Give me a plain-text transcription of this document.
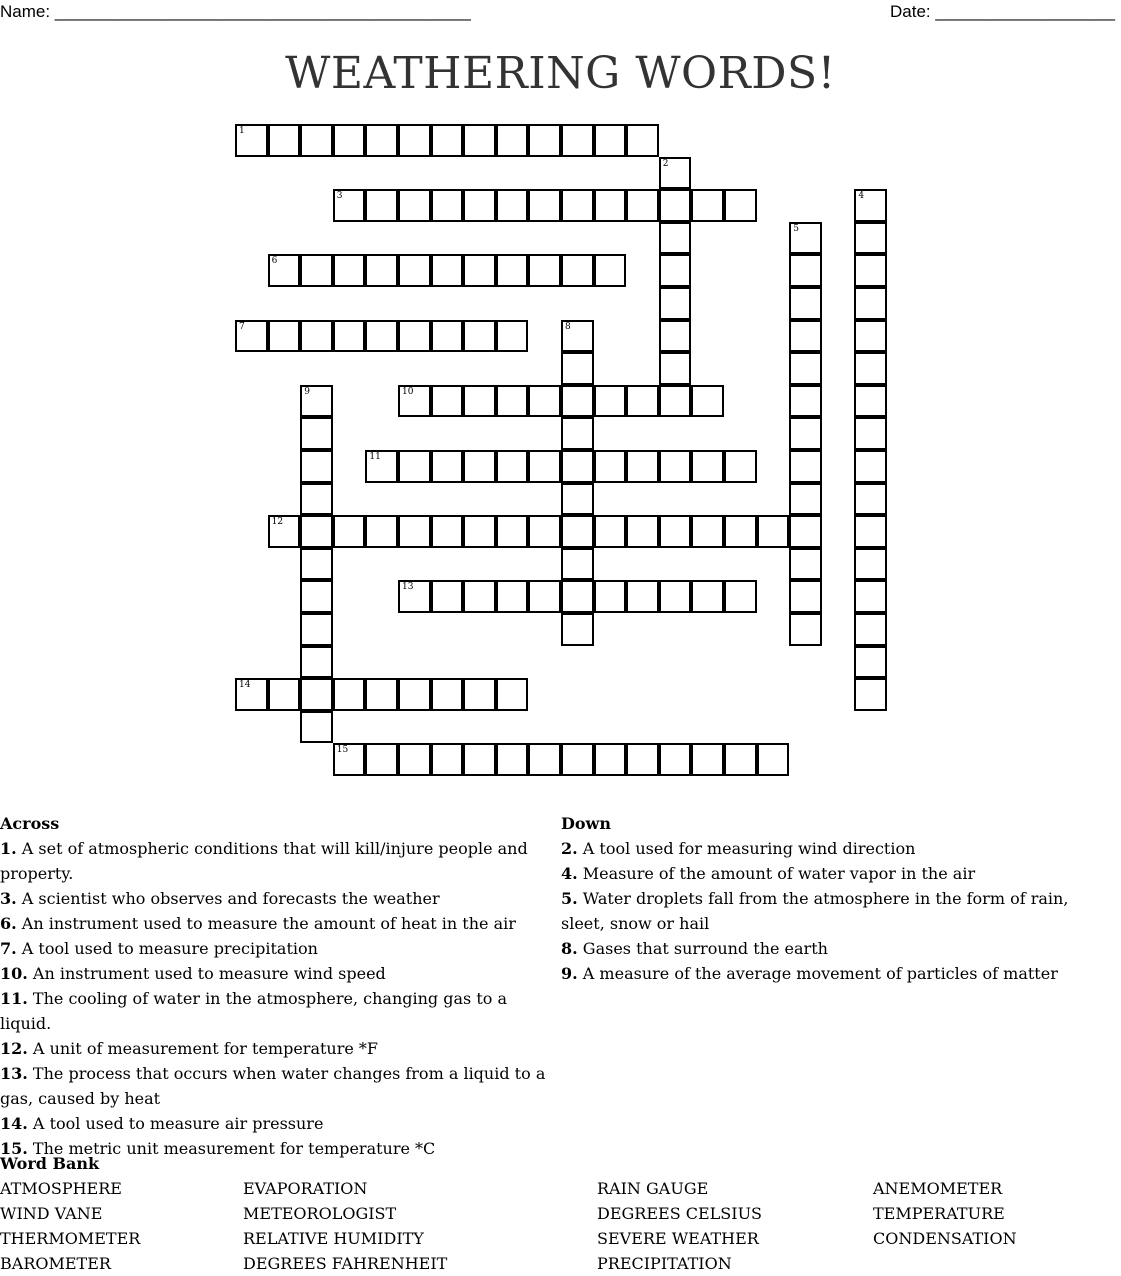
Name: ____________________________________________	Date: ___________________
WEATHERING WORDS!
1
2
3	4
5
6
7	8
9	10
11
12
13
14
15
Across
1. A set of atmospheric conditions that will kill/injure people and property.
3. A scientist who observes and forecasts the weather
6. An instrument used to measure the amount of heat in the air
7. A tool used to measure precipitation
10. An instrument used to measure wind speed
11. The cooling of water in the atmosphere, changing gas to a liquid.
12. A unit of measurement for temperature *F
13. The process that occurs when water changes from a liquid to a gas, caused by heat
14. A tool used to measure air pressure
15. The metric unit measurement for temperature *C
Down
2. A tool used for measuring wind direction
4. Measure of the amount of water vapor in the air
5. Water droplets fall from the atmosphere in the form of rain, sleet, snow or hail
8. Gases that surround the earth
9. A measure of the average movement of particles of matter
Word Bank
ATMOSPHERE
WIND VANE
THERMOMETER
BAROMETER
EVAPORATION
METEOROLOGIST
RELATIVE HUMIDITY
DEGREES FAHRENHEIT
RAIN GAUGE
DEGREES CELSIUS
SEVERE WEATHER
PRECIPITATION
ANEMOMETER
TEMPERATURE
CONDENSATION
